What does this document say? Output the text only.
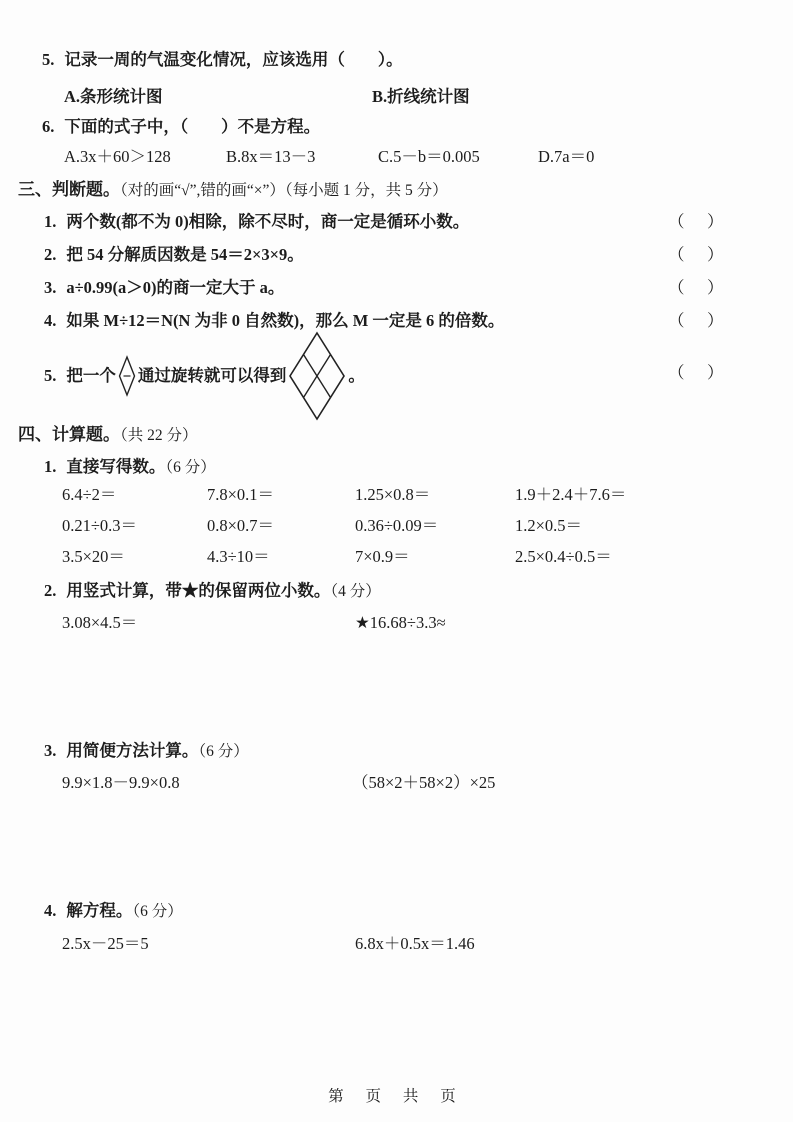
5. 记录一周的气温变化情况，应该选用（　　）。
A.条形统计图	B.折线统计图
6. 下面的式子中，（　　）不是方程。
A.3x＋60＞128	B.8x＝13－3	C.5－b＝0.005	D.7a＝0
三、判断题。（对的画“√”,错的画“×”）（每小题 1 分，共 5 分）
1. 两个数(都不为 0)相除，除不尽时，商一定是循环小数。	（　）
2. 把 54 分解质因数是 54＝2×3×9。	（　）
3. a÷0.99(a＞0)的商一定大于 a。	（　）
4. 如果 M÷12＝N(N 为非 0 自然数)，那么 M 一定是 6 的倍数。	（　）
5. 把一个 通过旋转就可以得到	。	（　）
四、计算题。（共 22 分）
1. 直接写得数。（6 分）
6.4÷2＝	7.8×0.1＝	1.25×0.8＝	1.9＋2.4＋7.6＝
0.21÷0.3＝	0.8×0.7＝	0.36÷0.09＝	1.2×0.5＝
3.5×20＝	4.3÷10＝	7×0.9＝	2.5×0.4÷0.5＝
2. 用竖式计算，带★的保留两位小数。（4 分）
3.08×4.5＝	★16.68÷3.3≈
3. 用简便方法计算。（6 分）
9.9×1.8－9.9×0.8	（58×2＋58×2）×25
4. 解方程。（6 分）
2.5x－25＝5	6.8x＋0.5x＝1.46
第 页 共 页
